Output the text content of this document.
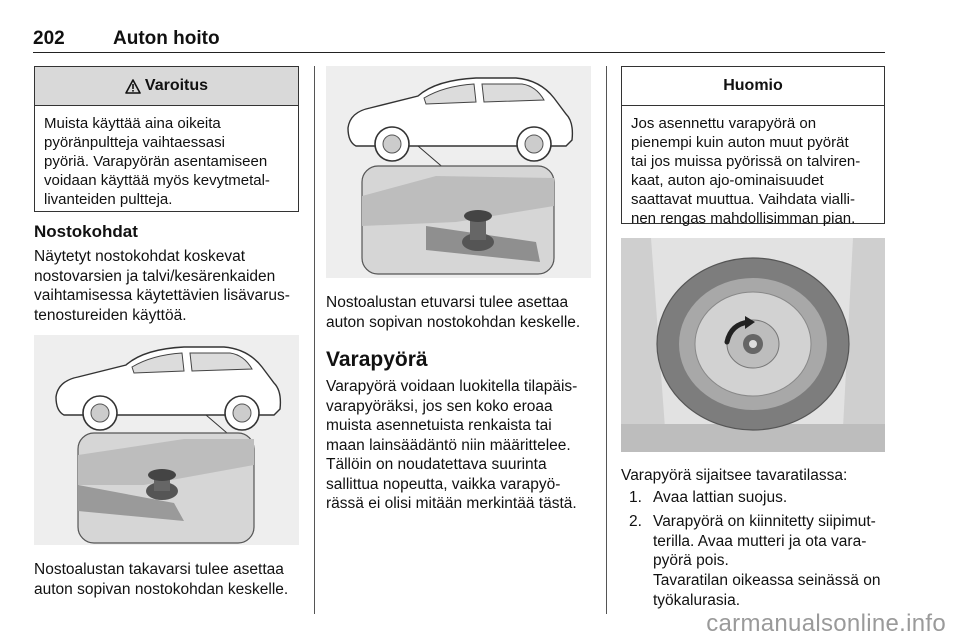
202	Auton hoito
Varoitus
Muista käyttää aina oikeita
pyöränpultteja vaihtaessasi
pyöriä. Varapyörän asentamiseen
voidaan käyttää myös kevytmetal-
livanteiden pultteja.
Nostokohdat
Näytetyt nostokohdat koskevat
nostovarsien ja talvi/kesärenkaiden
vaihtamisessa käytettävien lisävarus-
tenostureiden käyttöä.
Nostoalustan takavarsi tulee asettaa
auton sopivan nostokohdan keskelle.
Nostoalustan etuvarsi tulee asettaa
auton sopivan nostokohdan keskelle.
Varapyörä
Varapyörä voidaan luokitella tilapäis-
varapyöräksi, jos sen koko eroaa
muista asennetuista renkaista tai
maan lainsäädäntö niin määrittelee.
Tällöin on noudatettava suurinta
sallittua nopeutta, vaikka varapyö-
rässä ei olisi mitään merkintää tästä.
Huomio
Jos asennettu varapyörä on
pienempi kuin auton muut pyörät
tai jos muissa pyörissä on talviren-
kaat, auton ajo-ominaisuudet
saattavat muuttua. Vaihdata vialli-
nen rengas mahdollisimman pian.
Varapyörä sijaitsee tavaratilassa:
1. Avaa lattian suojus.
2. Varapyörä on kiinnitetty siipimut-
terilla. Avaa mutteri ja ota vara-
pyörä pois.
Tavaratilan oikeassa seinässä on
työkalurasia.
carmanualsonline.info
